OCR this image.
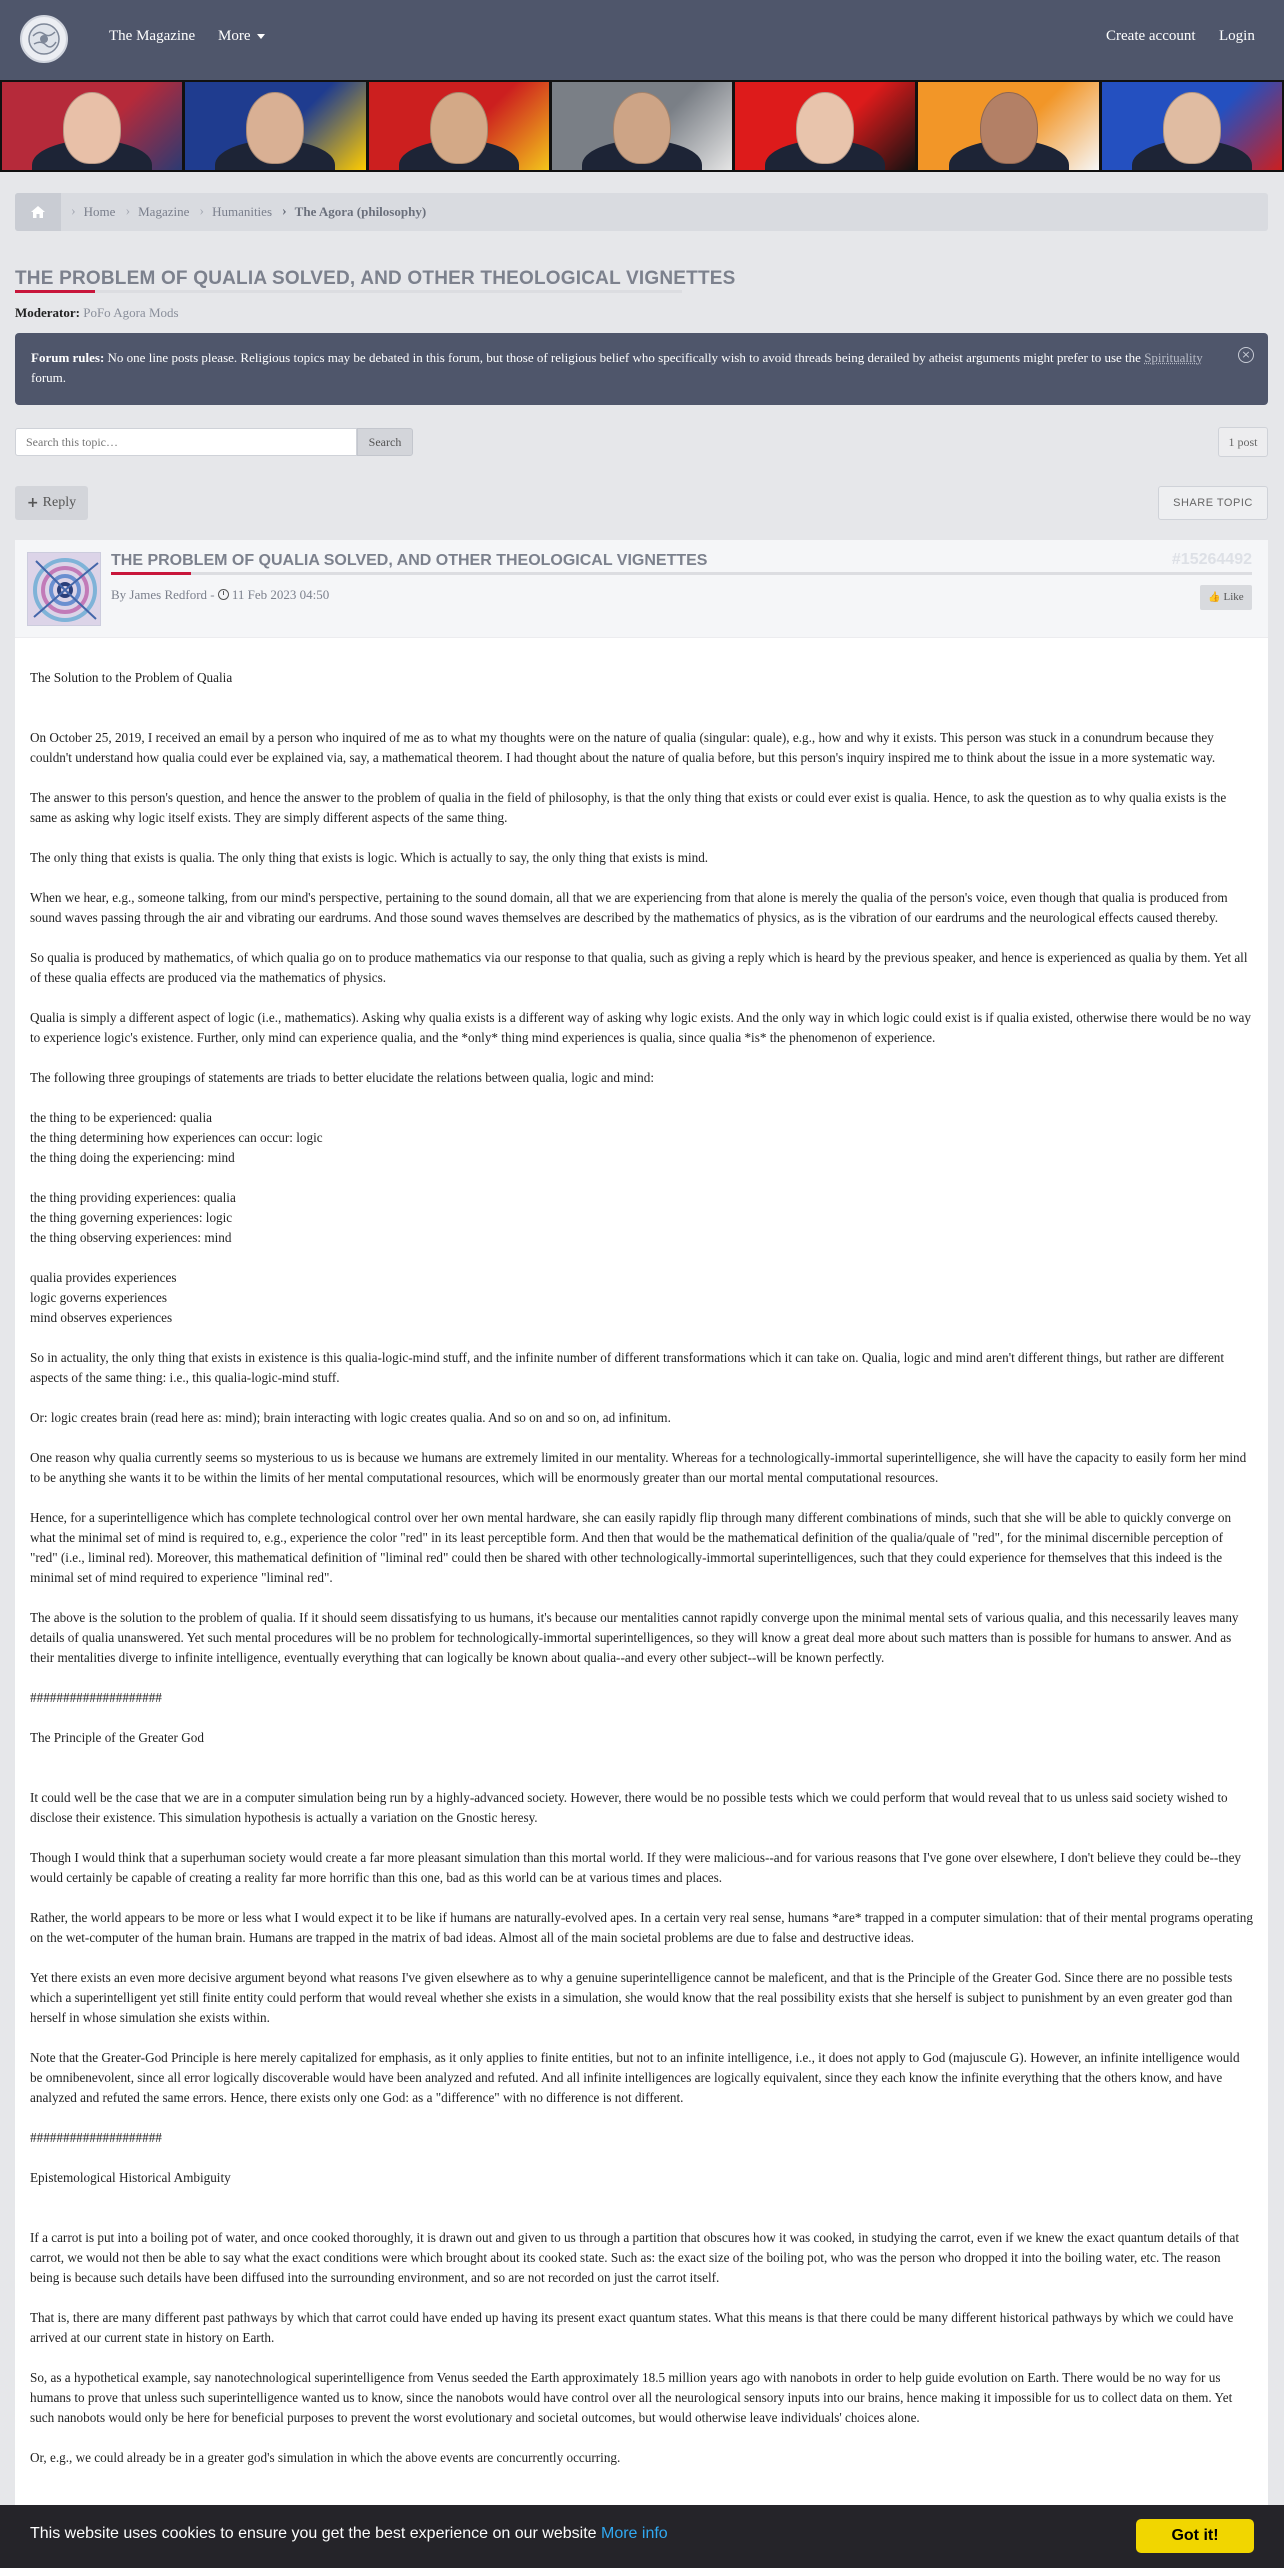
The Magazine More	Create account Login
› Home › Magazine › Humanities › The Agora (philosophy)
THE PROBLEM OF QUALIA SOLVED, AND OTHER THEOLOGICAL VIGNETTES
Moderator: PoFo Agora Mods
Forum rules: No one line posts please. Religious topics may be debated in this forum, but those of religious belief who specifically wish to avoid threads being derailed by atheist arguments might prefer to use the Spirituality forum.
×
Search this topic…
Search	1 post
+ Reply	SHARE TOPIC
THE PROBLEM OF QUALIA SOLVED, AND OTHER THEOLOGICAL VIGNETTES	#15264492
By James Redford - 11 Feb 2023 04:50	👍 Like

The Solution to the Problem of Qualia

On October 25, 2019, I received an email by a person who inquired of me as to what my thoughts were on the nature of qualia (singular: quale), e.g., how and why it exists. This person was stuck in a conundrum because they couldn't understand how qualia could ever be explained via, say, a mathematical theorem. I had thought about the nature of qualia before, but this person's inquiry inspired me to think about the issue in a more systematic way.

The answer to this person's question, and hence the answer to the problem of qualia in the field of philosophy, is that the only thing that exists or could ever exist is qualia. Hence, to ask the question as to why qualia exists is the same as asking why logic itself exists. They are simply different aspects of the same thing.

The only thing that exists is qualia. The only thing that exists is logic. Which is actually to say, the only thing that exists is mind.

When we hear, e.g., someone talking, from our mind's perspective, pertaining to the sound domain, all that we are experiencing from that alone is merely the qualia of the person's voice, even though that qualia is produced from sound waves passing through the air and vibrating our eardrums. And those sound waves themselves are described by the mathematics of physics, as is the vibration of our eardrums and the neurological effects caused thereby.

So qualia is produced by mathematics, of which qualia go on to produce mathematics via our response to that qualia, such as giving a reply which is heard by the previous speaker, and hence is experienced as qualia by them. Yet all of these qualia effects are produced via the mathematics of physics.

Qualia is simply a different aspect of logic (i.e., mathematics). Asking why qualia exists is a different way of asking why logic exists. And the only way in which logic could exist is if qualia existed, otherwise there would be no way to experience logic's existence. Further, only mind can experience qualia, and the *only* thing mind experiences is qualia, since qualia *is* the phenomenon of experience.

The following three groupings of statements are triads to better elucidate the relations between qualia, logic and mind:

the thing to be experienced: qualia
the thing determining how experiences can occur: logic
the thing doing the experiencing: mind

the thing providing experiences: qualia
the thing governing experiences: logic
the thing observing experiences: mind

qualia provides experiences
logic governs experiences
mind observes experiences

So in actuality, the only thing that exists in existence is this qualia-logic-mind stuff, and the infinite number of different transformations which it can take on. Qualia, logic and mind aren't different things, but rather are different aspects of the same thing: i.e., this qualia-logic-mind stuff.

Or: logic creates brain (read here as: mind); brain interacting with logic creates qualia. And so on and so on, ad infinitum.

One reason why qualia currently seems so mysterious to us is because we humans are extremely limited in our mentality. Whereas for a technologically-immortal superintelligence, she will have the capacity to easily form her mind to be anything she wants it to be within the limits of her mental computational resources, which will be enormously greater than our mortal mental computational resources.

Hence, for a superintelligence which has complete technological control over her own mental hardware, she can easily rapidly flip through many different combinations of minds, such that she will be able to quickly converge on what the minimal set of mind is required to, e.g., experience the color "red" in its least perceptible form. And then that would be the mathematical definition of the qualia/quale of "red", for the minimal discernible perception of "red" (i.e., liminal red). Moreover, this mathematical definition of "liminal red" could then be shared with other technologically-immortal superintelligences, such that they could experience for themselves that this indeed is the minimal set of mind required to experience "liminal red".

The above is the solution to the problem of qualia. If it should seem dissatisfying to us humans, it's because our mentalities cannot rapidly converge upon the minimal mental sets of various qualia, and this necessarily leaves many details of qualia unanswered. Yet such mental procedures will be no problem for technologically-immortal superintelligences, so they will know a great deal more about such matters than is possible for humans to answer. And as their mentalities diverge to infinite intelligence, eventually everything that can logically be known about qualia--and every other subject--will be known perfectly.

####################

The Principle of the Greater God

It could well be the case that we are in a computer simulation being run by a highly-advanced society. However, there would be no possible tests which we could perform that would reveal that to us unless said society wished to disclose their existence. This simulation hypothesis is actually a variation on the Gnostic heresy.

Though I would think that a superhuman society would create a far more pleasant simulation than this mortal world. If they were malicious--and for various reasons that I've gone over elsewhere, I don't believe they could be--they would certainly be capable of creating a reality far more horrific than this one, bad as this world can be at various times and places.

Rather, the world appears to be more or less what I would expect it to be like if humans are naturally-evolved apes. In a certain very real sense, humans *are* trapped in a computer simulation: that of their mental programs operating on the wet-computer of the human brain. Humans are trapped in the matrix of bad ideas. Almost all of the main societal problems are due to false and destructive ideas.

Yet there exists an even more decisive argument beyond what reasons I've given elsewhere as to why a genuine superintelligence cannot be maleficent, and that is the Principle of the Greater God. Since there are no possible tests which a superintelligent yet still finite entity could perform that would reveal whether she exists in a simulation, she would know that the real possibility exists that she herself is subject to punishment by an even greater god than herself in whose simulation she exists within.

Note that the Greater-God Principle is here merely capitalized for emphasis, as it only applies to finite entities, but not to an infinite intelligence, i.e., it does not apply to God (majuscule G). However, an infinite intelligence would be omnibenevolent, since all error logically discoverable would have been analyzed and refuted. And all infinite intelligences are logically equivalent, since they each know the infinite everything that the others know, and have analyzed and refuted the same errors. Hence, there exists only one God: as a "difference" with no difference is not different.

####################

Epistemological Historical Ambiguity

If a carrot is put into a boiling pot of water, and once cooked thoroughly, it is drawn out and given to us through a partition that obscures how it was cooked, in studying the carrot, even if we knew the exact quantum details of that carrot, we would not then be able to say what the exact conditions were which brought about its cooked state. Such as: the exact size of the boiling pot, who was the person who dropped it into the boiling water, etc. The reason being is because such details have been diffused into the surrounding environment, and so are not recorded on just the carrot itself.

That is, there are many different past pathways by which that carrot could have ended up having its present exact quantum states. What this means is that there could be many different historical pathways by which we could have arrived at our current state in history on Earth.

So, as a hypothetical example, say nanotechnological superintelligence from Venus seeded the Earth approximately 18.5 million years ago with nanobots in order to help guide evolution on Earth. There would be no way for us humans to prove that unless such superintelligence wanted us to know, since the nanobots would have control over all the neurological sensory inputs into our brains, hence making it impossible for us to collect data on them. Yet such nanobots would only be here for beneficial purposes to prevent the worst evolutionary and societal outcomes, but would otherwise leave individuals' choices alone.

Or, e.g., we could already be in a greater god's simulation in which the above events are concurrently occurring.

This website uses cookies to ensure you get the best experience on our website More info	Got it!
